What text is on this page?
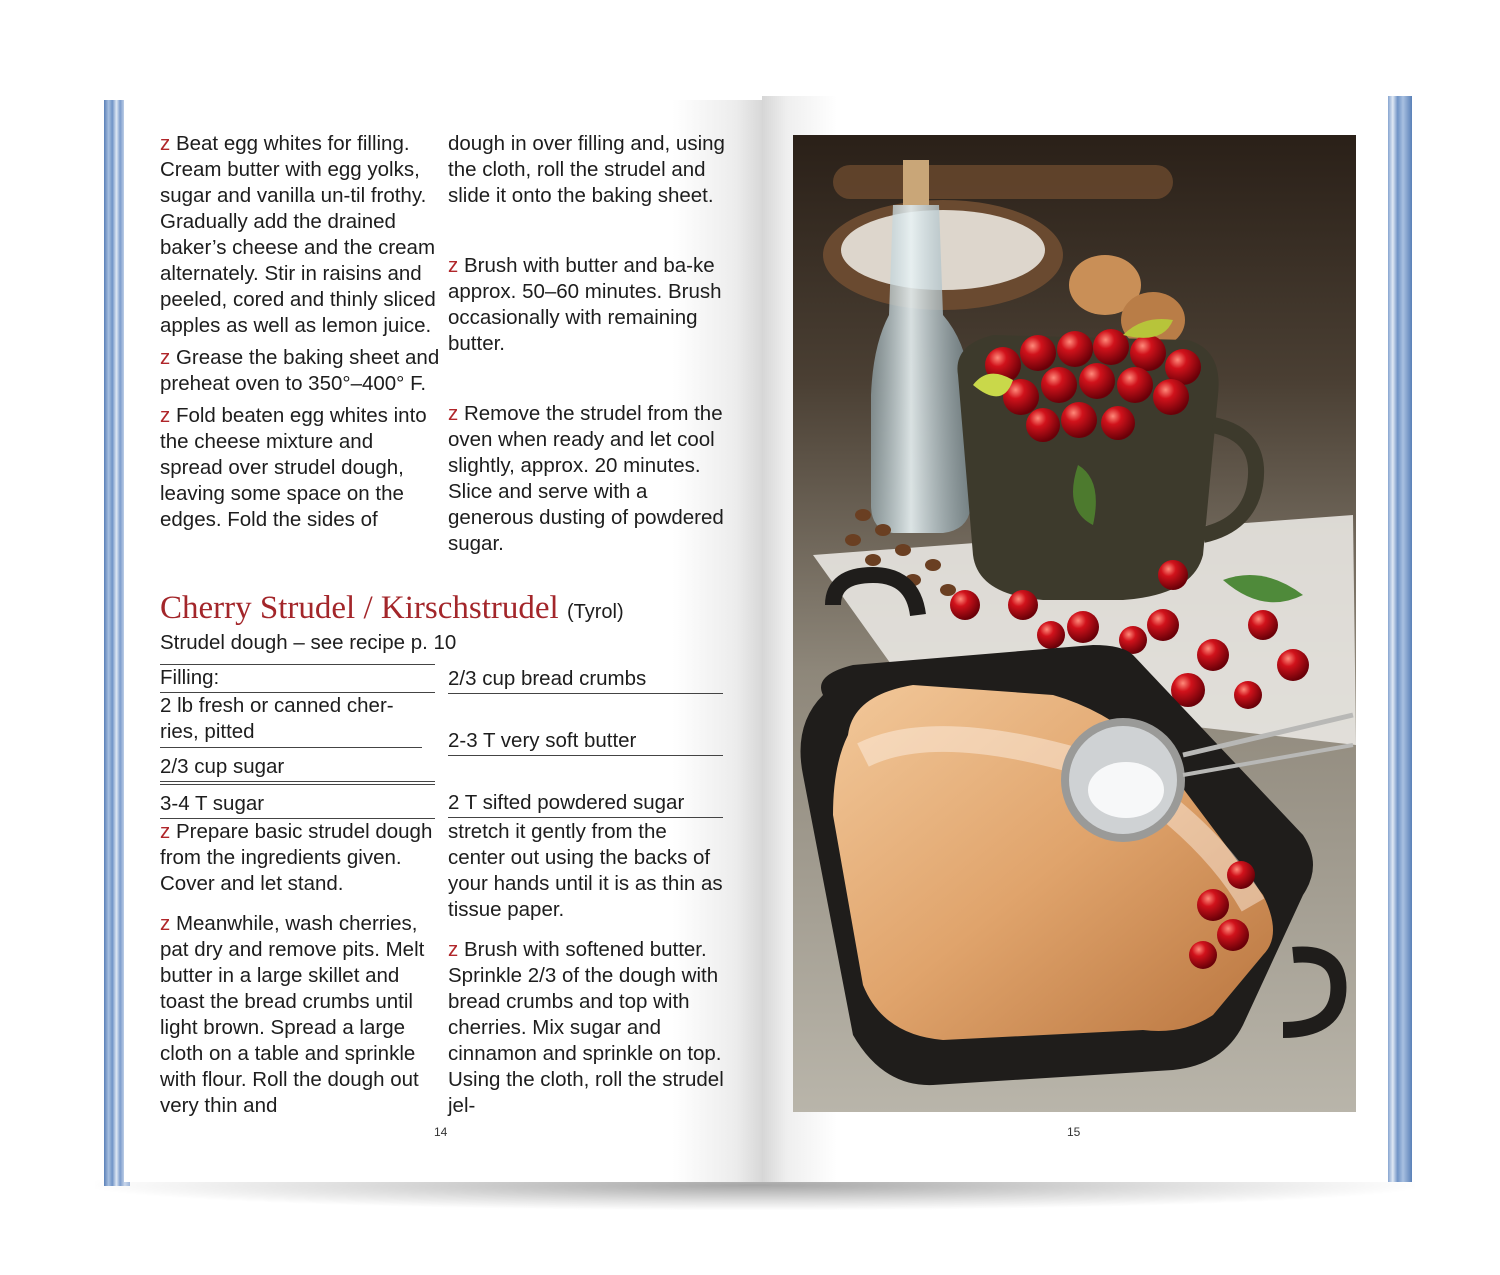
z Beat egg whites for filling. Cream butter with egg yolks, sugar and vanilla un-til frothy. Gradually add the drained baker’s cheese and the cream alternately. Stir in raisins and peeled, cored and thinly sliced apples as well as lemon juice.

z Grease the baking sheet and preheat oven to 350°–400° F.

z Fold beaten egg whites into the cheese mixture and spread over strudel dough, leaving some space on the edges. Fold the sides of

dough in over filling and, using the cloth, roll the strudel and slide it onto the baking sheet.

z Brush with butter and ba-ke approx. 50–60 minutes. Brush occasionally with remaining butter.

z Remove the strudel from the oven when ready and let cool slightly, approx. 20 minutes. Slice and serve with a generous dusting of powdered sugar.

Cherry Strudel / Kirschstrudel (Tyrol)
Strudel dough – see recipe p. 10
Filling:
2 lb fresh or canned cher-ries, pitted
2/3 cup sugar
3-4 T sugar
2/3 cup bread crumbs
2-3 T very soft butter
2 T sifted powdered sugar

z Prepare basic strudel dough from the ingredients given. Cover and let stand.

z Meanwhile, wash cherries, pat dry and remove pits. Melt butter in a large skillet and toast the bread crumbs until light brown. Spread a large cloth on a table and sprinkle with flour. Roll the dough out very thin and

stretch it gently from the center out using the backs of your hands until it is as thin as tissue paper.

z Brush with softened butter. Sprinkle 2/3 of the dough with bread crumbs and top with cherries. Mix sugar and cinnamon and sprinkle on top. Using the cloth, roll the strudel jel-

14	15
